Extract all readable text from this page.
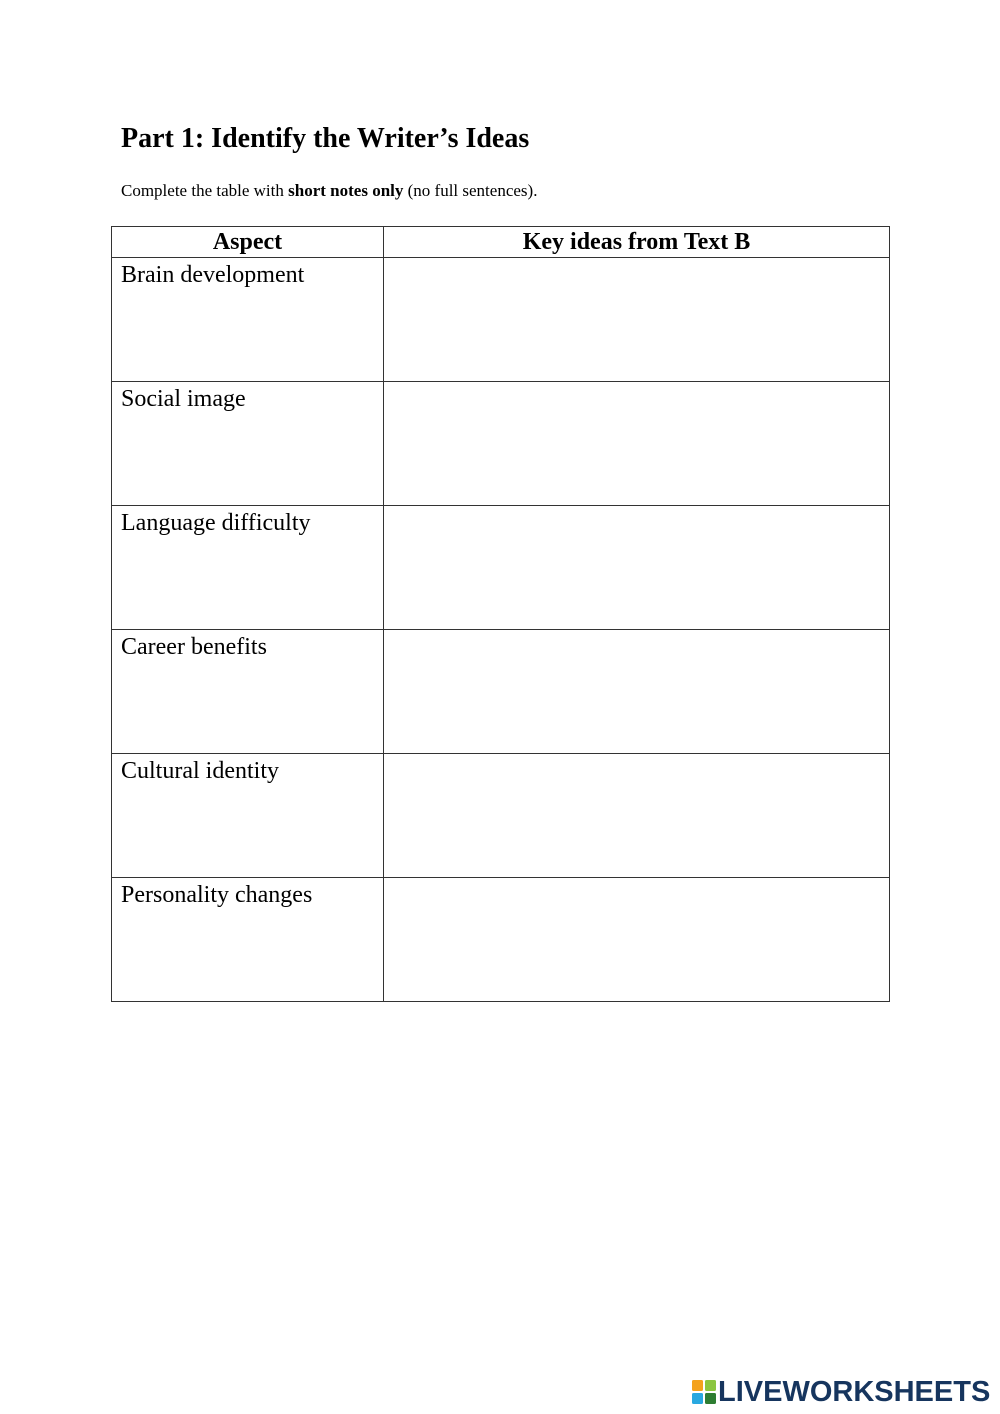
Part 1: Identify the Writer’s Ideas

Complete the table with short notes only (no full sentences).

Aspect	Key ideas from Text B

Brain development	

Social image	

Language difficulty	

Career benefits	

Cultural identity	

Personality changes	

LIVEWORKSHEETS
